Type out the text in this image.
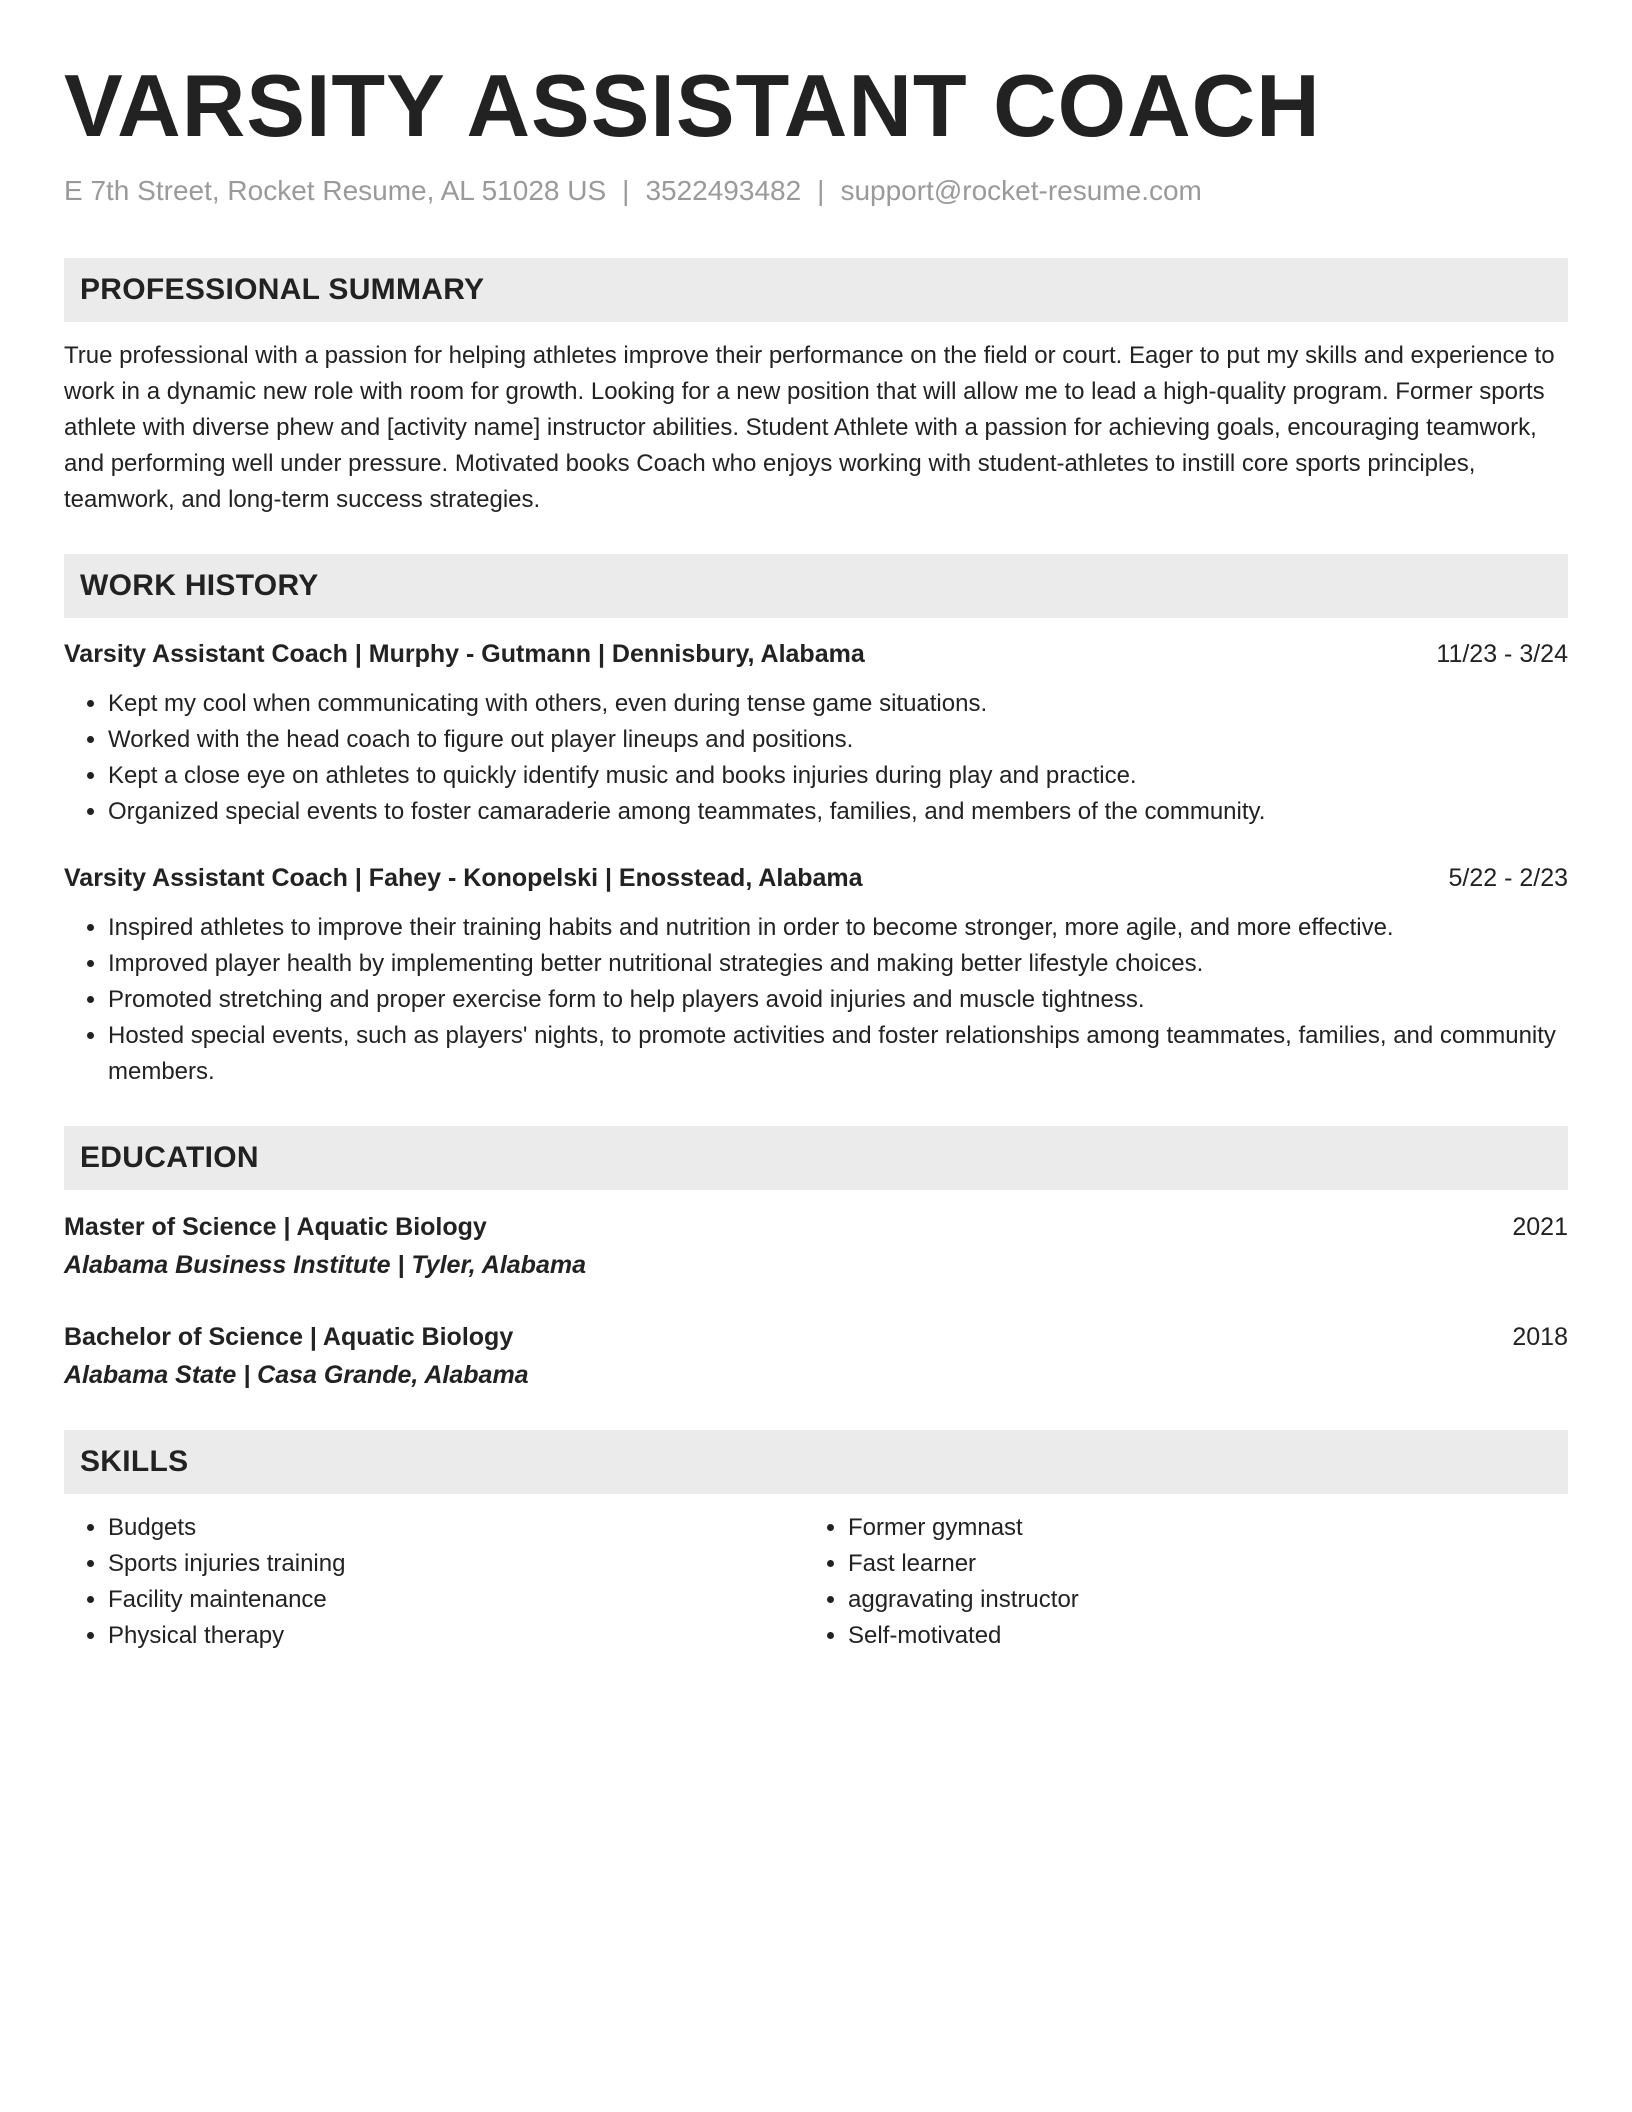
VARSITY ASSISTANT COACH
E 7th Street, Rocket Resume, AL 51028 US | 3522493482 | support@rocket-resume.com
PROFESSIONAL SUMMARY

True professional with a passion for helping athletes improve their performance on the field or court. Eager to put my skills and experience to work in a dynamic new role with room for growth. Looking for a new position that will allow me to lead a high-quality program. Former sports athlete with diverse phew and [activity name] instructor abilities. Student Athlete with a passion for achieving goals, encouraging teamwork, and performing well under pressure. Motivated books Coach who enjoys working with student-athletes to instill core sports principles, teamwork, and long-term success strategies.

WORK HISTORY
Varsity Assistant Coach | Murphy - Gutmann | Dennisbury, Alabama	11/23 - 3/24
• Kept my cool when communicating with others, even during tense game situations.
• Worked with the head coach to figure out player lineups and positions.
• Kept a close eye on athletes to quickly identify music and books injuries during play and practice.
• Organized special events to foster camaraderie among teammates, families, and members of the community.
Varsity Assistant Coach | Fahey - Konopelski | Enosstead, Alabama	5/22 - 2/23
• Inspired athletes to improve their training habits and nutrition in order to become stronger, more agile, and more effective.
• Improved player health by implementing better nutritional strategies and making better lifestyle choices.
• Promoted stretching and proper exercise form to help players avoid injuries and muscle tightness.
• Hosted special events, such as players' nights, to promote activities and foster relationships among teammates, families, and community members.
EDUCATION
Master of Science | Aquatic Biology	2021
Alabama Business Institute | Tyler, Alabama
Bachelor of Science | Aquatic Biology	2018
Alabama State | Casa Grande, Alabama
SKILLS
• Budgets
• Sports injuries training
• Facility maintenance
• Physical therapy
• Former gymnast
• Fast learner
• aggravating instructor
• Self-motivated
